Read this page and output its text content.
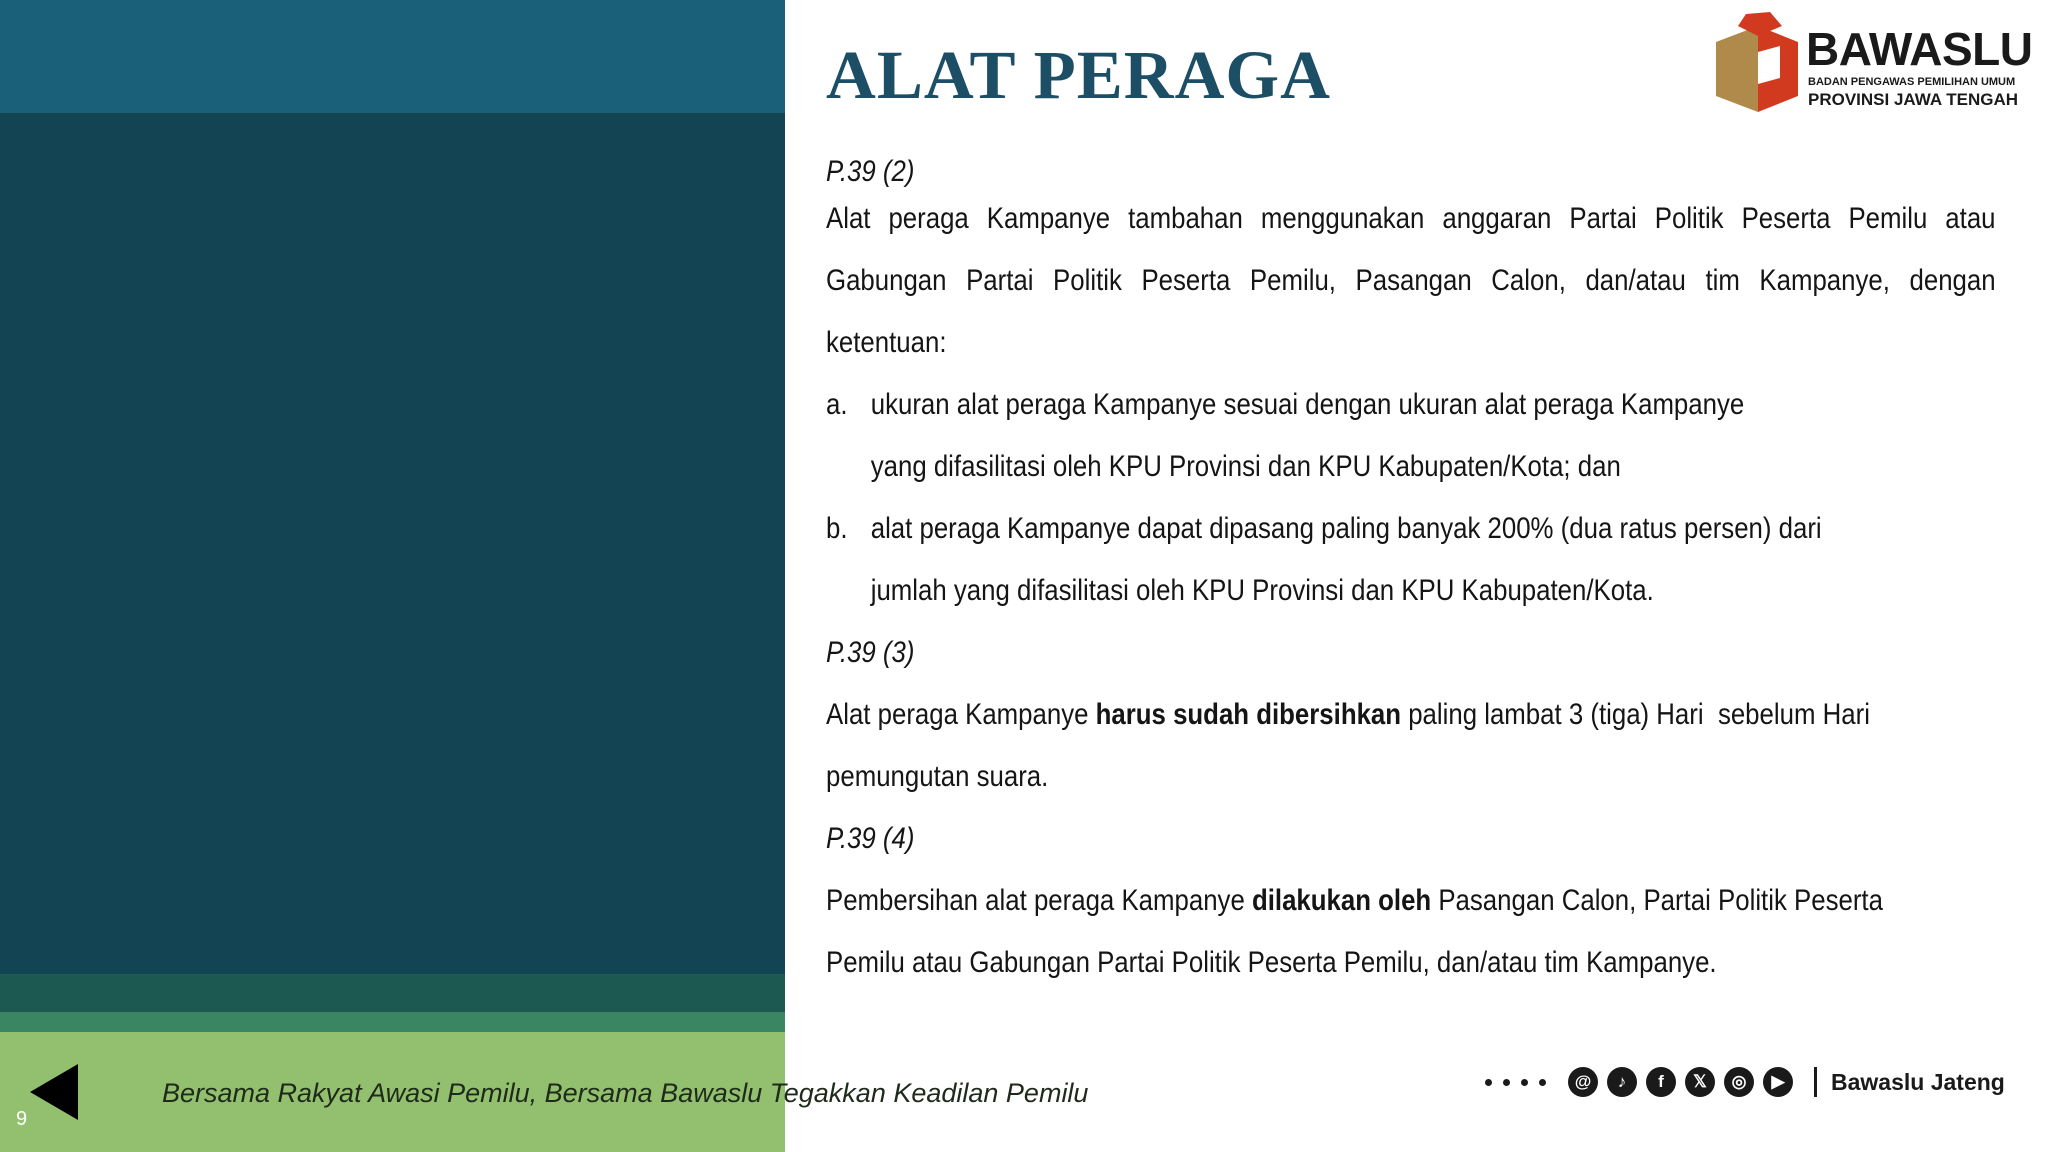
9
Bersama Rakyat Awasi Pemilu, Bersama Bawaslu Tegakkan Keadilan Pemilu
ALAT PERAGA	BAWASLU
BADAN PENGAWAS PEMILIHAN UMUM
PROVINSI JAWA TENGAH
P.39 (2)
Alat peraga Kampanye tambahan menggunakan anggaran Partai Politik Peserta Pemilu atau
Gabungan Partai Politik Peserta Pemilu, Pasangan Calon, dan/atau tim Kampanye, dengan
ketentuan:
a. ukuran alat peraga Kampanye sesuai dengan ukuran alat peraga Kampanye
yang difasilitasi oleh KPU Provinsi dan KPU Kabupaten/Kota; dan
b. alat peraga Kampanye dapat dipasang paling banyak 200% (dua ratus persen) dari
jumlah yang difasilitasi oleh KPU Provinsi dan KPU Kabupaten/Kota.
P.39 (3)
Alat peraga Kampanye harus sudah dibersihkan paling lambat 3 (tiga) Hari  sebelum Hari
pemungutan suara.
P.39 (4)
Pembersihan alat peraga Kampanye dilakukan oleh Pasangan Calon, Partai Politik Peserta
Pemilu atau Gabungan Partai Politik Peserta Pemilu, dan/atau tim Kampanye.
@	♪	f	𝕏	◎	▶	Bawaslu Jateng
